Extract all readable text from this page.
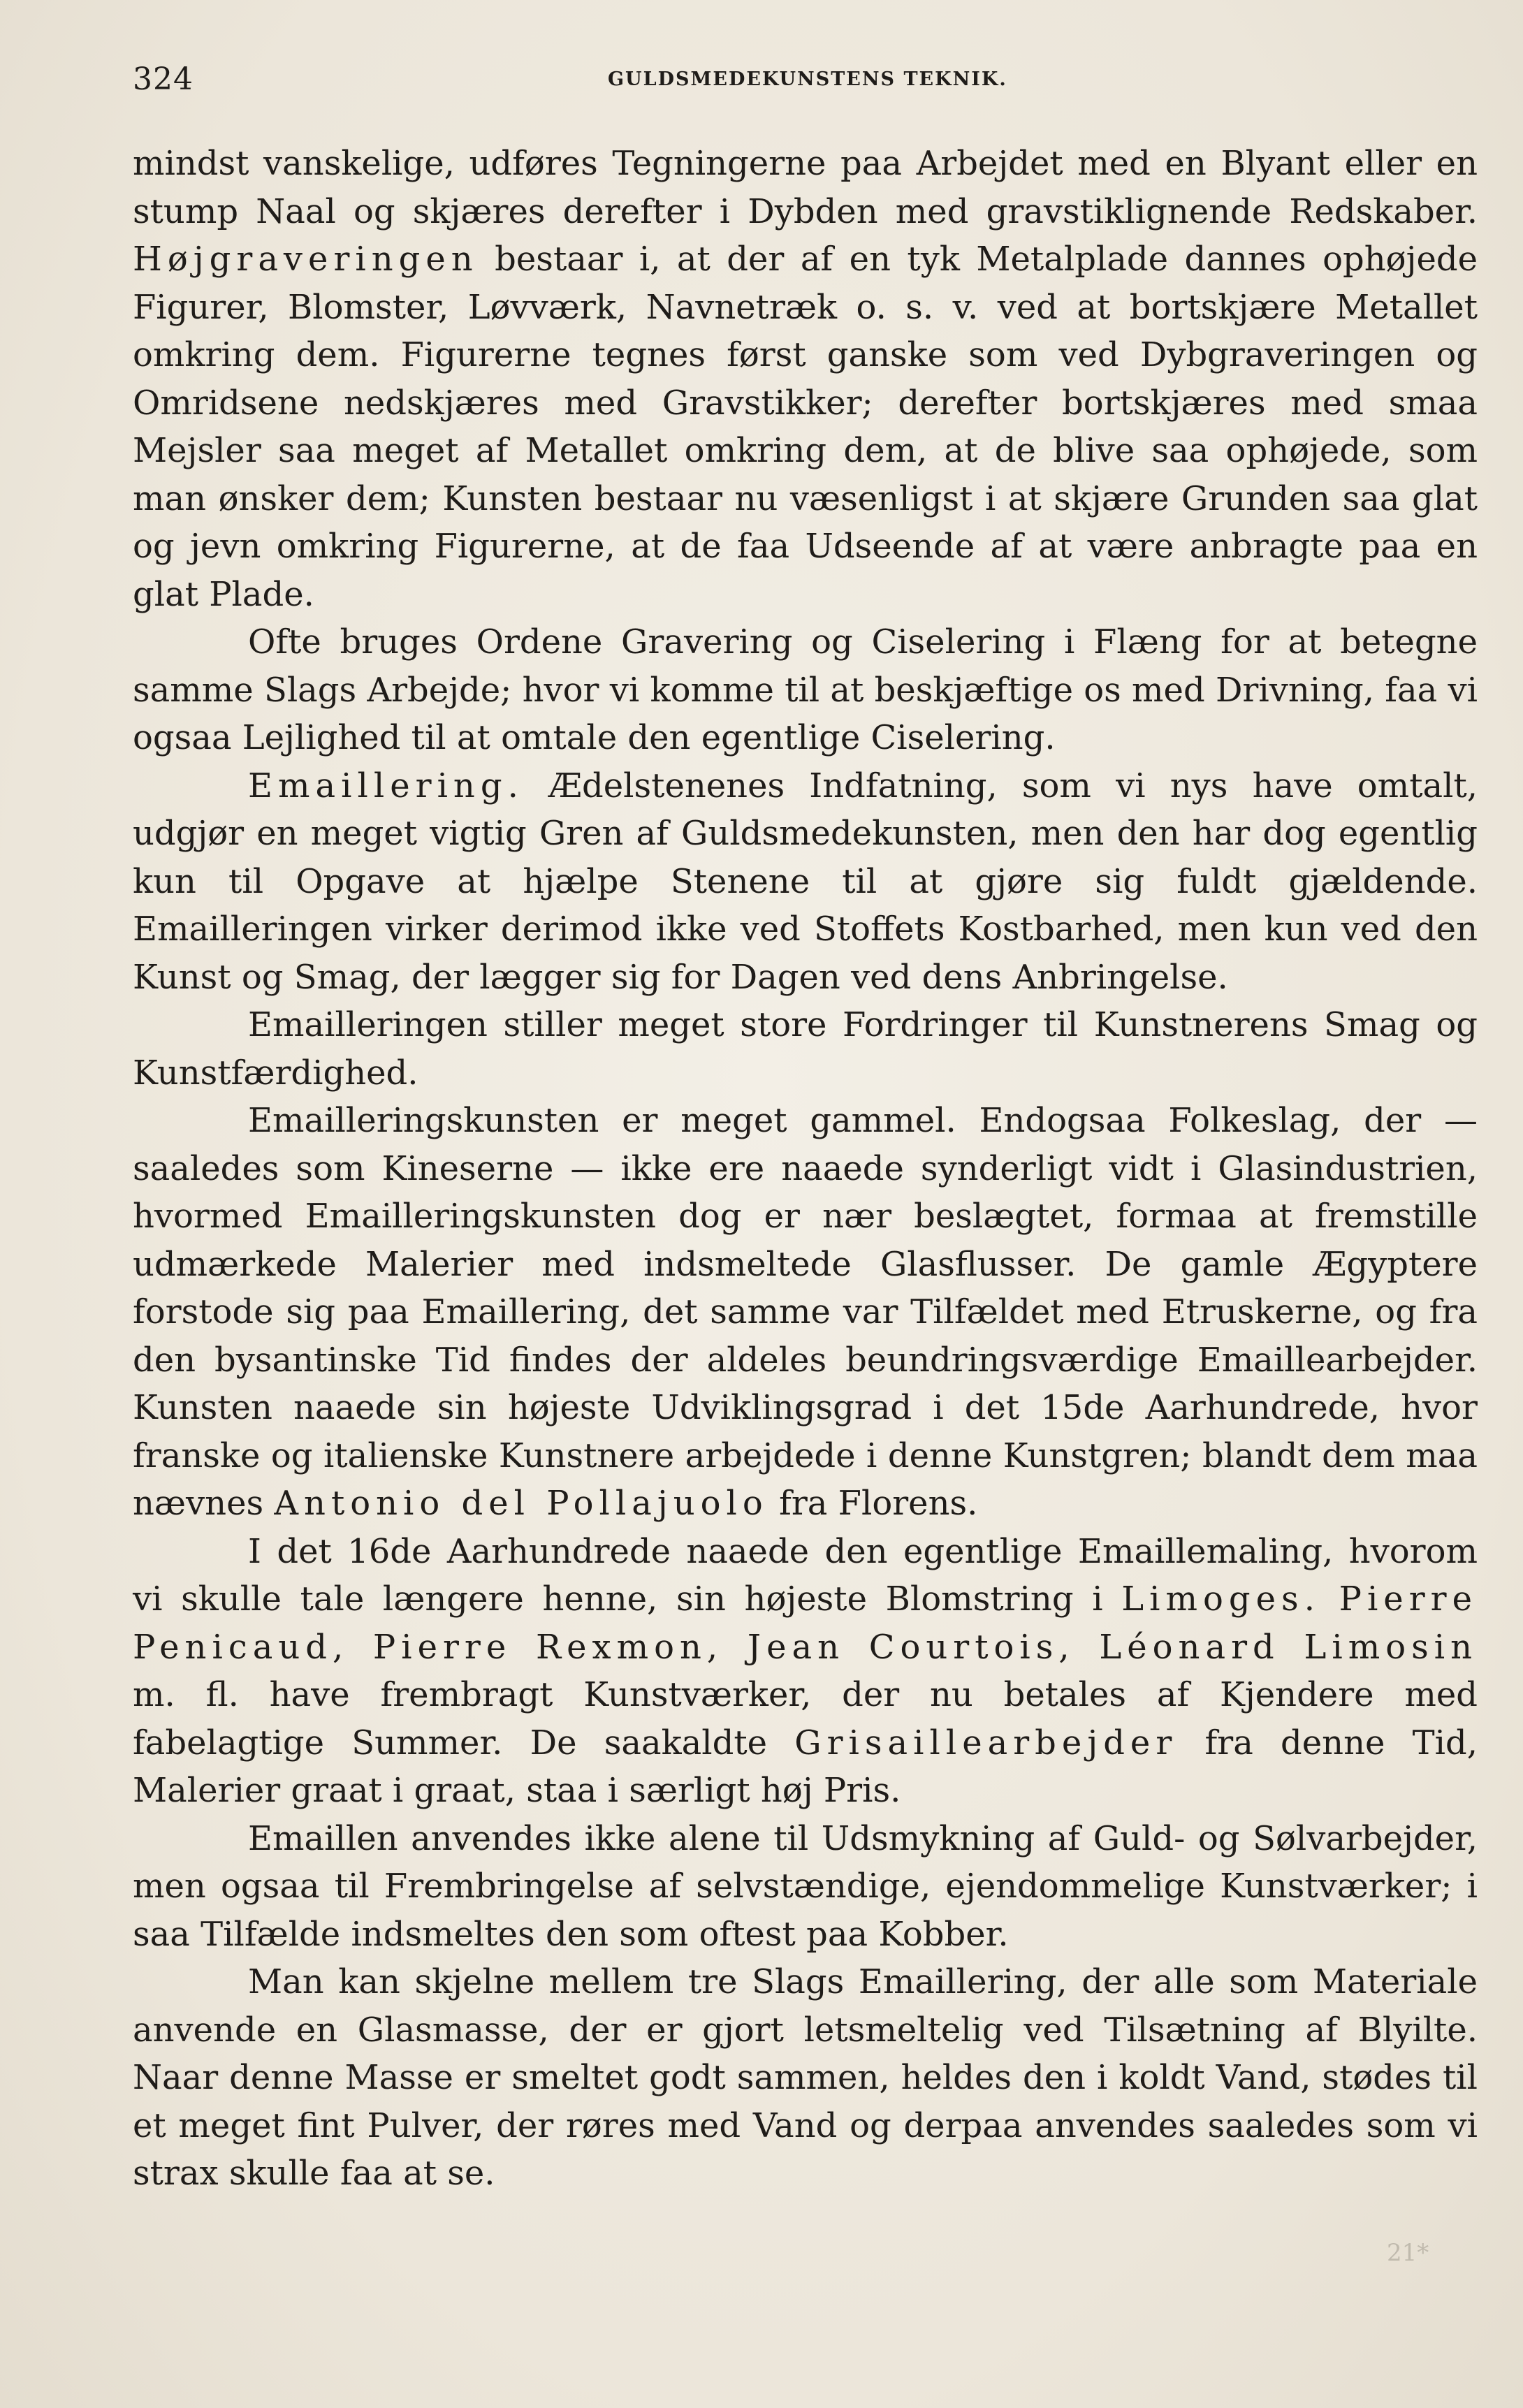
324	GULDSMEDEKUNSTENS TEKNIK.

mindst vanskelige, udføres Tegningerne paa Arbejdet med en Blyant eller en stump Naal og skjæres derefter i Dybden med gravstiklignende Redskaber. Højgraveringen bestaar i, at der af en tyk Metalplade dannes ophøjede Figurer, Blomster, Løvværk, Navnetræk o. s. v. ved at bortskjære Metallet omkring dem. Figurerne tegnes først ganske som ved Dybgraveringen og Omridsene nedskjæres med Gravstikker; derefter bortskjæres med smaa Mejsler saa meget af Metallet omkring dem, at de blive saa ophøjede, som man ønsker dem; Kunsten bestaar nu væsenligst i at skjære Grunden saa glat og jevn omkring Figurerne, at de faa Udseende af at være anbragte paa en glat Plade.

Ofte bruges Ordene Gravering og Ciselering i Flæng for at betegne samme Slags Arbejde; hvor vi komme til at beskjæftige os med Drivning, faa vi ogsaa Lejlighed til at omtale den egentlige Ciselering.

Emaillering. Ædelstenenes Indfatning, som vi nys have omtalt, udgjør en meget vigtig Gren af Guldsmedekunsten, men den har dog egentlig kun til Opgave at hjælpe Stenene til at gjøre sig fuldt gjældende. Emailleringen virker derimod ikke ved Stoffets Kostbarhed, men kun ved den Kunst og Smag, der lægger sig for Dagen ved dens Anbringelse.

Emailleringen stiller meget store Fordringer til Kunstnerens Smag og Kunstfærdighed.

Emailleringskunsten er meget gammel. Endogsaa Folkeslag, der — saaledes som Kineserne — ikke ere naaede synderligt vidt i Glasindustrien, hvormed Emailleringskunsten dog er nær beslægtet, formaa at fremstille udmærkede Malerier med indsmeltede Glasflusser. De gamle Ægyptere forstode sig paa Emaillering, det samme var Tilfældet med Etruskerne, og fra den bysantinske Tid findes der aldeles beundringsværdige Emaillearbejder. Kunsten naaede sin højeste Udviklingsgrad i det 15de Aarhundrede, hvor franske og italienske Kunstnere arbejdede i denne Kunstgren; blandt dem maa nævnes Antonio del Pollajuolo fra Florens.

I det 16de Aarhundrede naaede den egentlige Emaillemaling, hvorom vi skulle tale længere henne, sin højeste Blomstring i Limoges. Pierre Penicaud, Pierre Rexmon, Jean Courtois, Léonard Limosin m. fl. have frembragt Kunstværker, der nu betales af Kjendere med fabelagtige Summer. De saakaldte Grisaillearbejder fra denne Tid, Malerier graat i graat, staa i særligt høj Pris.

Emaillen anvendes ikke alene til Udsmykning af Guld- og Sølvarbejder, men ogsaa til Frembringelse af selvstændige, ejendommelige Kunstværker; i saa Tilfælde indsmeltes den som oftest paa Kobber.

Man kan skjelne mellem tre Slags Emaillering, der alle som Materiale anvende en Glasmasse, der er gjort letsmeltelig ved Tilsætning af Blyilte. Naar denne Masse er smeltet godt sammen, heldes den i koldt Vand, stødes til et meget fint Pulver, der røres med Vand og derpaa anvendes saaledes som vi strax skulle faa at se.

21*
